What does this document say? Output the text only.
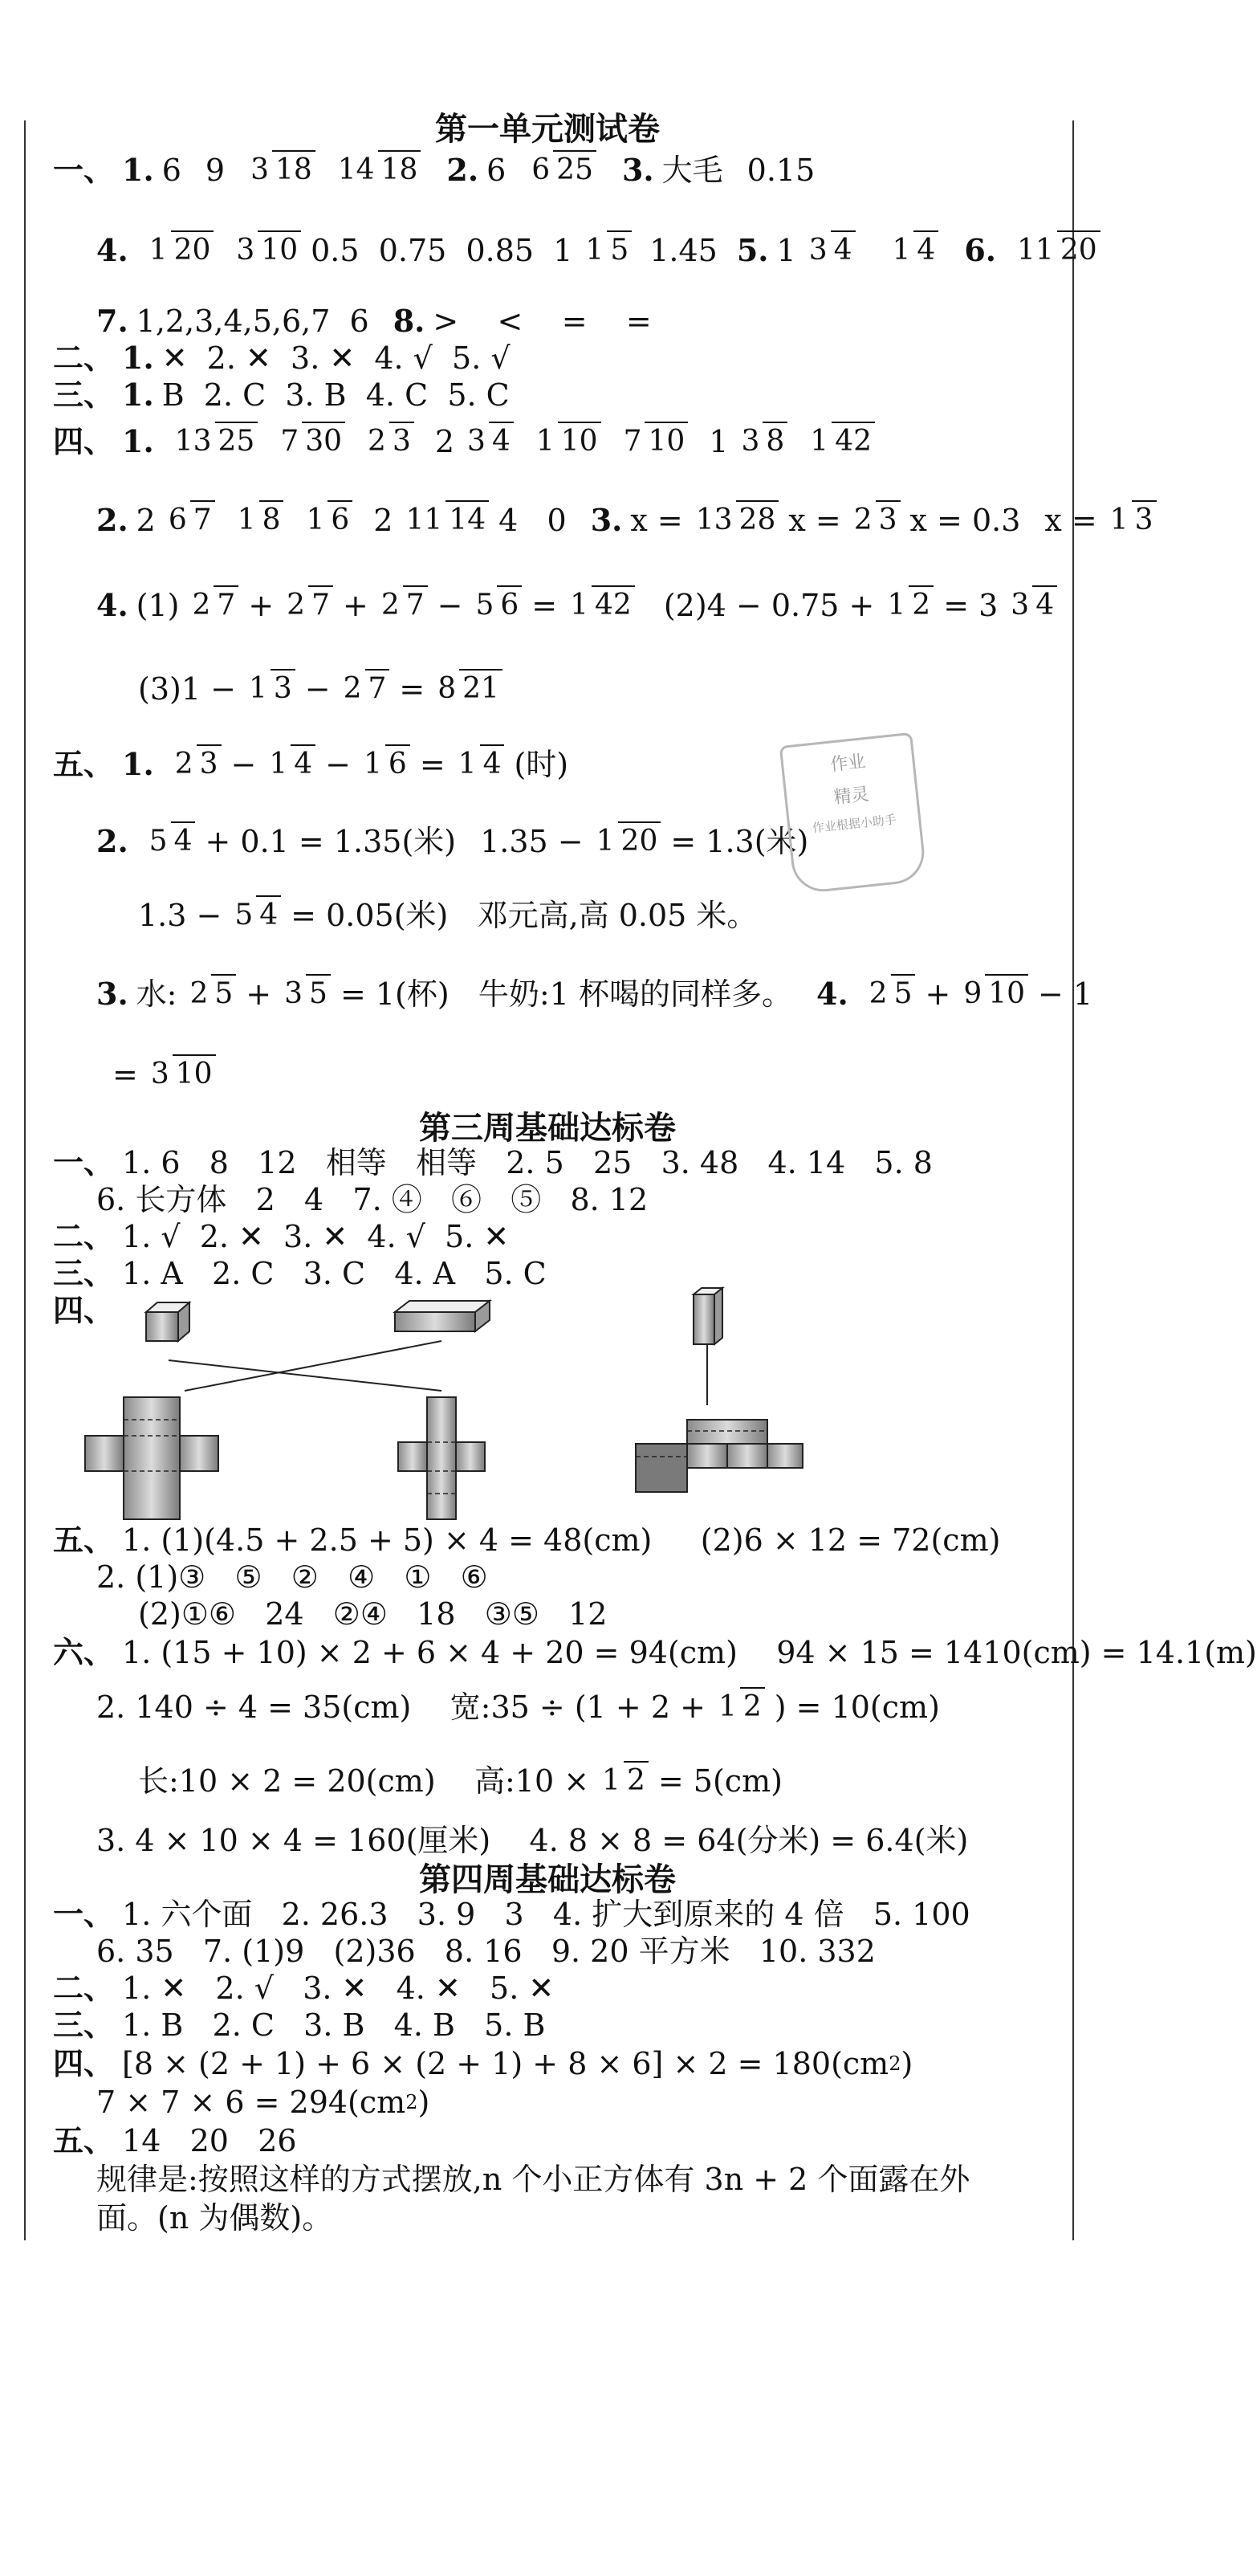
第一单元测试卷
一、 1. 6 9 3 18 14 18 2. 6 6 25 3. 大毛 0.15
4. 1 20 3 10 0.5  0.75  0.85  1 1 5 1.45 5. 1 3 4 1 4 6. 11 20
7. 1,2,3,4,5,6,7  6 8. >    <    =    =
二、 1. ✕  2. ✕  3. ✕  4. √  5. √
三、 1. B  2. C  3. B  4. C  5. C
四、 1. 13 25 7 30 2 3 2 3 4 1 10 7 10 1 3 8 1 42
2. 2 6 7 1 8 1 6 2 11 14 4   0 3. x = 13 28 x = 2 3 x = 0.3 x = 1 3
4. (1) 2 7 + 2 7 + 2 7 − 5 6 = 1 42 (2)4 − 0.75 + 1 2 = 3 3 4
(3)1 − 1 3 − 2 7 = 8 21
五、 1. 2 3 − 1 4 − 1 6 = 1 4 (时)
2. 5 4 + 0.1 = 1.35(米) 1.35 − 1 20 = 1.3(米)
1.3 − 5 4 = 0.05(米)   邓元高,高 0.05 米。
3. 水: 2 5 + 3 5 = 1(杯)   牛奶:1 杯喝的同样多。 4. 2 5 + 9 10 − 1
= 3 10
作业
精灵
作业根据小助手
第三周基础达标卷
一、 1. 6   8   12   相等   相等   2. 5   25   3. 48   4. 14   5. 8
6. 长方体   2   4   7. ④   ⑥   ⑤   8. 12
二、 1. √  2. ✕  3. ✕  4. √  5. ✕
三、 1. A   2. C   3. C   4. A   5. C
四、
五、 1. (1)(4.5 + 2.5 + 5) × 4 = 48(cm)     (2)6 × 12 = 72(cm)
2. (1)③   ⑤   ②   ④   ①   ⑥
(2)①⑥   24   ②④   18   ③⑤   12
六、 1. (15 + 10) × 2 + 6 × 4 + 20 = 94(cm)    94 × 15 = 1410(cm) = 14.1(m)
2. 140 ÷ 4 = 35(cm)    宽:35 ÷ (1 + 2 + 1 2 ) = 10(cm)
长:10 × 2 = 20(cm)    高:10 × 1 2 = 5(cm)
3. 4 × 10 × 4 = 160(厘米)    4. 8 × 8 = 64(分米) = 6.4(米)
第四周基础达标卷
一、 1. 六个面   2. 26.3   3. 9   3   4. 扩大到原来的 4 倍   5. 100
6. 35   7. (1)9   (2)36   8. 16   9. 20 平方米   10. 332
二、 1. ✕   2. √   3. ✕   4. ✕   5. ✕
三、 1. B   2. C   3. B   4. B   5. B
四、 [8 × (2 + 1) + 6 × (2 + 1) + 8 × 6] × 2 = 180(cm 2 )
7 × 7 × 6 = 294(cm 2 )
五、 14   20   26
规律是:按照这样的方式摆放,n 个小正方体有 3n + 2 个面露在外
面。(n 为偶数)。
